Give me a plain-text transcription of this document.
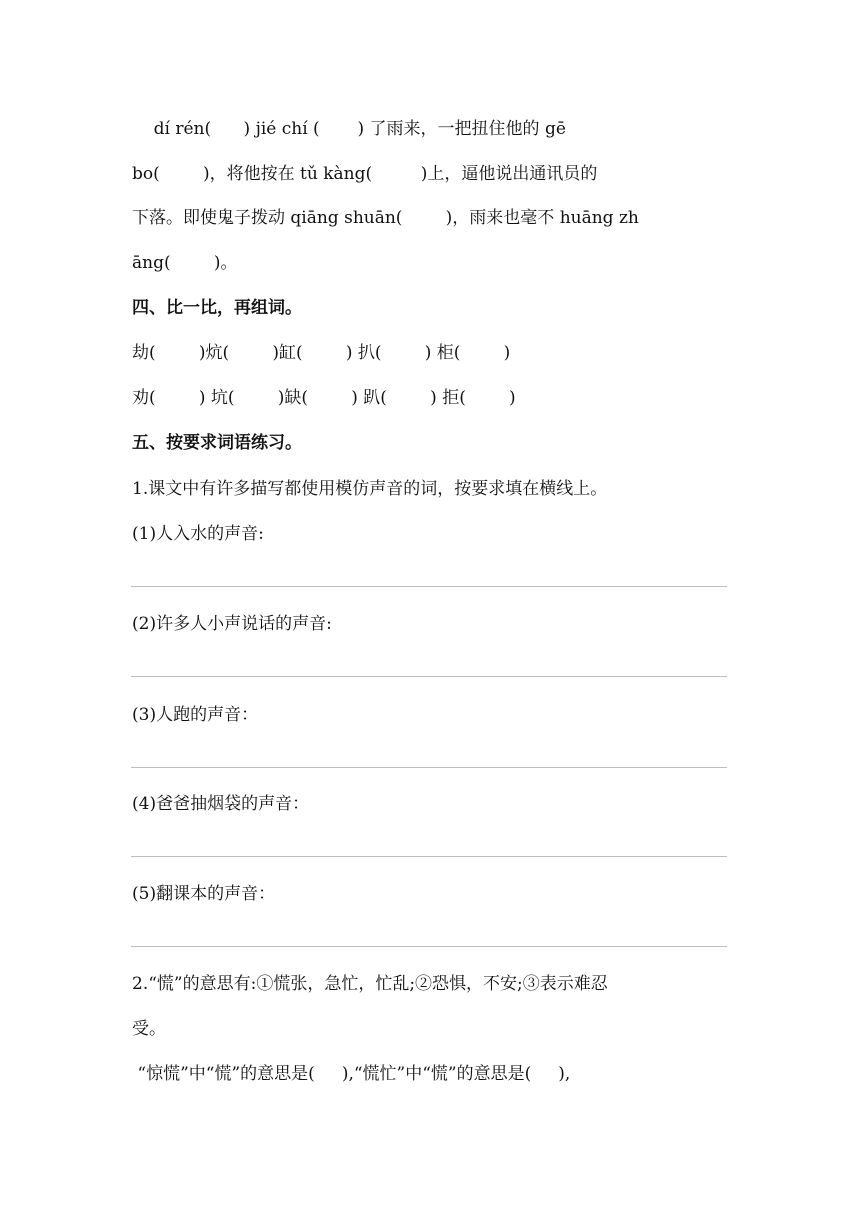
dí rén(      ) jié chí (       ) 了雨来，一把扭住他的 gē
bo(        )，将他按在 tǔ kàng(         )上，逼他说出通讯员的
下落。即使鬼子拨动 qiāng shuān(        )，雨来也毫不 huāng zh
āng(        )。
四、比一比，再组词。
劫(        )炕(        )缸(        ) 扒(        ) 柜(        )
劝(        ) 坑(        )缺(        ) 趴(        ) 拒(        )
五、按要求词语练习。
1.课文中有许多描写都使用模仿声音的词，按要求填在横线上。
(1)人入水的声音:
(2)许多人小声说话的声音:
(3)人跑的声音：
(4)爸爸抽烟袋的声音：
(5)翻课本的声音：
2.“慌”的意思有:①慌张，急忙，忙乱;②恐惧，不安;③表示难忍
受。
“惊慌”中“慌”的意思是(     ),“慌忙”中“慌”的意思是(     ),
